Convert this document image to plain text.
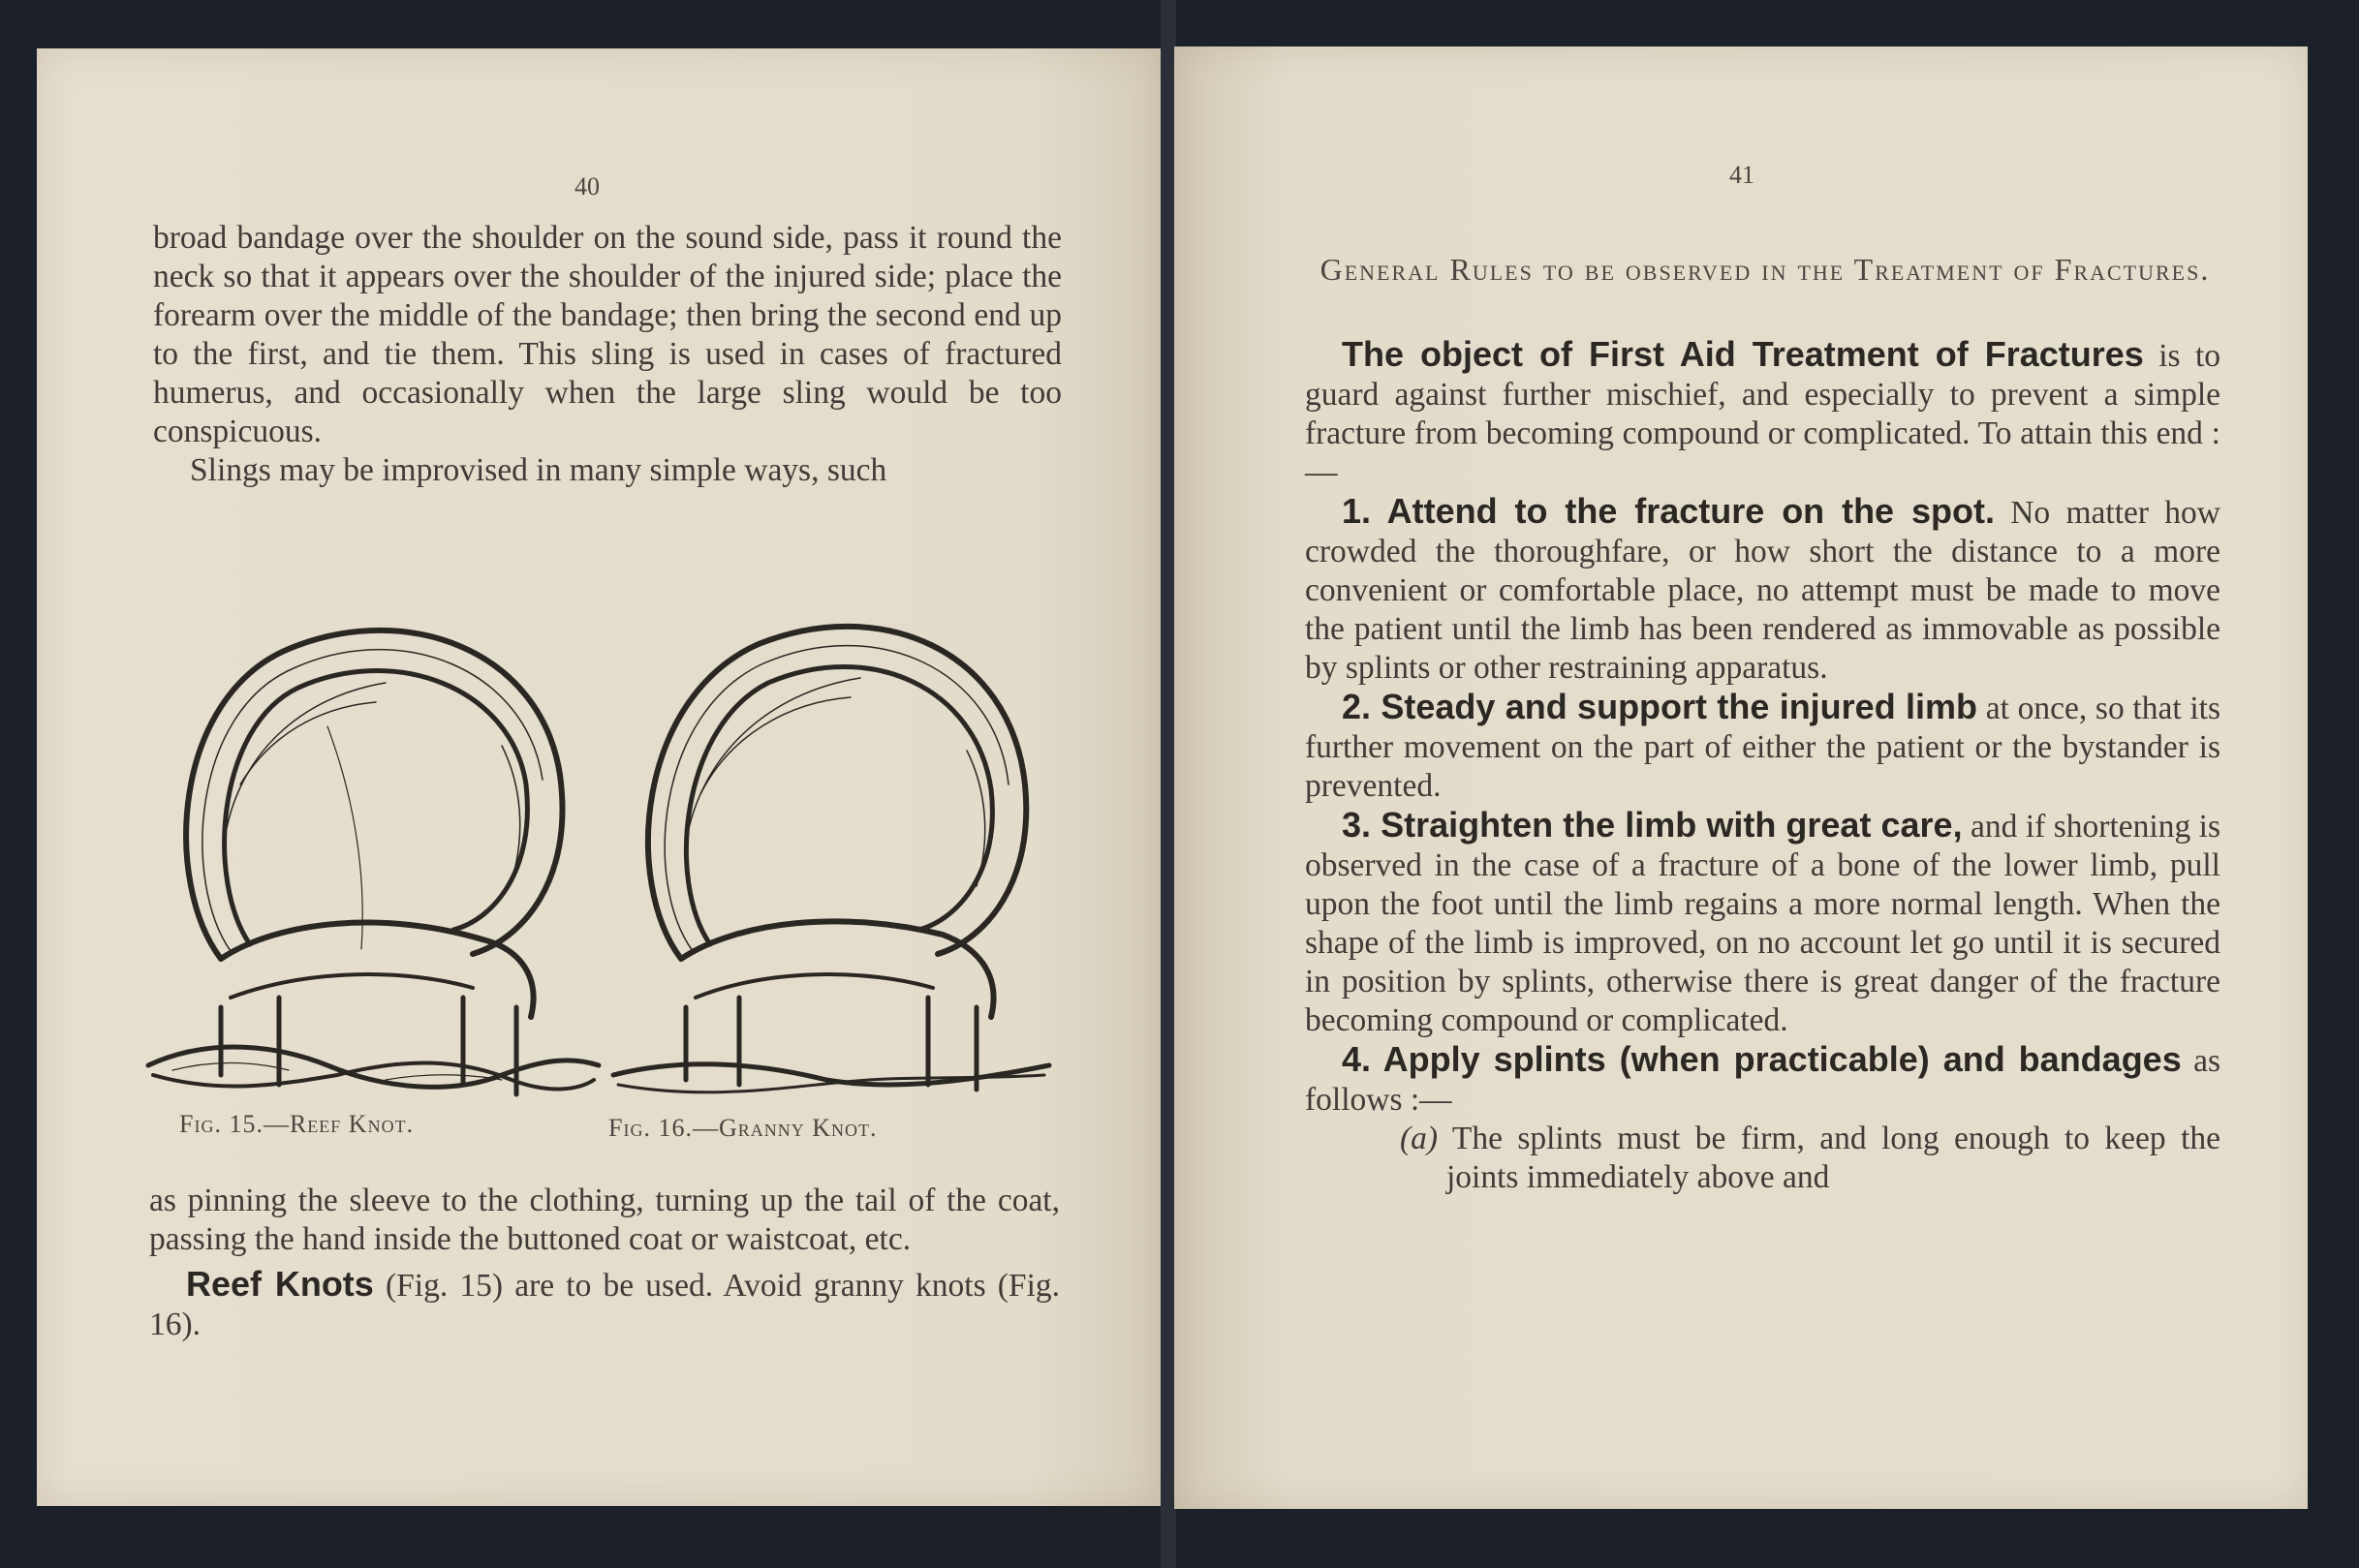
40

broad bandage over the shoulder on the sound side, pass it round the neck so that it appears over the shoulder of the injured side; place the forearm over the middle of the bandage; then bring the second end up to the first, and tie them. This sling is used in cases of fractured humerus, and occasionally when the large sling would be too conspicuous.

Slings may be improvised in many simple ways, such

Fig. 15.—Reef Knot.	Fig. 16.—Granny Knot.

as pinning the sleeve to the clothing, turning up the tail of the coat, passing the hand inside the buttoned coat or waistcoat, etc.

Reef Knots (Fig. 15) are to be used. Avoid granny knots (Fig. 16).

41
General Rules to be observed in the Treatment of Fractures.

The object of First Aid Treatment of Fractures is to guard against further mischief, and especially to prevent a simple fracture from becoming compound or complicated. To attain this end :—

1. Attend to the fracture on the spot. No matter how crowded the thoroughfare, or how short the distance to a more convenient or comfortable place, no attempt must be made to move the patient until the limb has been rendered as immovable as possible by splints or other restraining apparatus.

2. Steady and support the injured limb at once, so that its further movement on the part of either the patient or the bystander is prevented.

3. Straighten the limb with great care, and if shortening is observed in the case of a fracture of a bone of the lower limb, pull upon the foot until the limb regains a more normal length. When the shape of the limb is improved, on no account let go until it is secured in position by splints, otherwise there is great danger of the fracture becoming compound or complicated.

4. Apply splints (when practicable) and bandages as follows :—

(a) The splints must be firm, and long enough to keep the joints immediately above and
